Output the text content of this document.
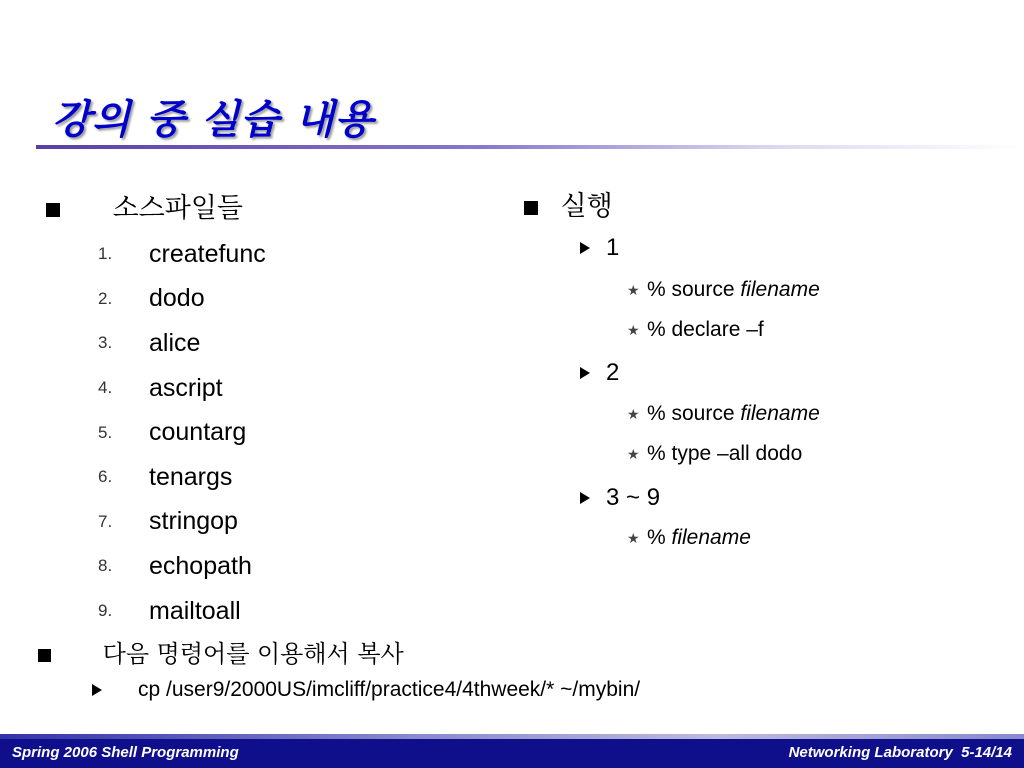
강의 중 실습 내용
소스파일들
1.	createfunc
2.	dodo
3.	alice
4.	ascript
5.	countarg
6.	tenargs
7.	stringop
8.	echopath
9.	mailtoall
실행
1
★ % source filename
★ % declare –f
2
★ % source filename
★ % type –all dodo
3 ~ 9
★ % filename
다음 명령어를 이용해서 복사
cp /user9/2000US/imcliff/practice4/4thweek/* ~/mybin/
Spring 2006 Shell Programming	Networking Laboratory  5-14/14
